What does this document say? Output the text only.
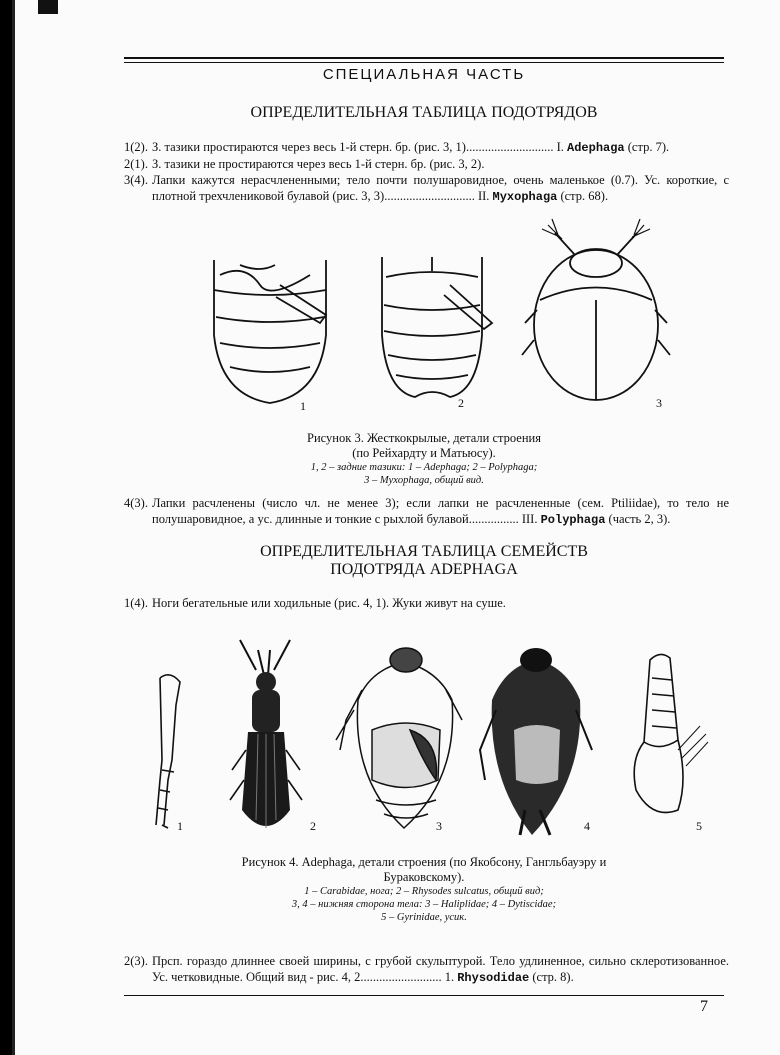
СПЕЦИАЛЬНАЯ ЧАСТЬ
ОПРЕДЕЛИТЕЛЬНАЯ ТАБЛИЦА ПОДОТРЯДОВ
1(2). З. тазики простираются через весь 1-й стерн. бр. (рис. 3, 1)............................ I. Adephaga (стр. 7).
2(1). З. тазики не простираются через весь 1-й стерн. бр. (рис. 3, 2).
3(4). Лапки кажутся нерасчлененными; тело почти полушаровидное, очень маленькое (0.7). Ус. короткие, с плотной трехчлениковой булавой (рис. 3, 3)............................. II. Myxophaga (стр. 68).
1	2	3
Рисунок 3. Жесткокрылые, детали строения
(по Рейхардту и Матьюсу).
1, 2 – задние тазики: 1 – Adephaga; 2 – Polyphaga;
3 – Myxophaga, общий вид.
4(3). Лапки расчленены (число чл. не менее 3); если лапки не расчлененные (сем. Ptiliidae), то тело не полушаровидное, а ус. длинные и тонкие с рыхлой булавой................ III. Polyphaga (часть 2, 3).
ОПРЕДЕЛИТЕЛЬНАЯ ТАБЛИЦА СЕМЕЙСТВ
ПОДОТРЯДА ADEPHAGA
1(4). Ноги бегательные или ходильные (рис. 4, 1). Жуки живут на суше.
1	2	3	4	5
Рисунок 4. Adephaga, детали строения (по Якобсону, Гангльбауэру и
Бураковскому).
1 – Carabidae, нога; 2 – Rhysodes sulcatus, общий вид;
3, 4 – нижняя сторона тела: 3 – Haliplidae; 4 – Dytiscidae;
5 – Gyrinidae, усик.
2(3). Прсп. гораздо длиннее своей ширины, с грубой скульптурой. Тело удлиненное, сильно склеротизованное. Ус. четковидные. Общий вид - рис. 4, 2.......................... 1. Rhysodidae (стр. 8).
7
